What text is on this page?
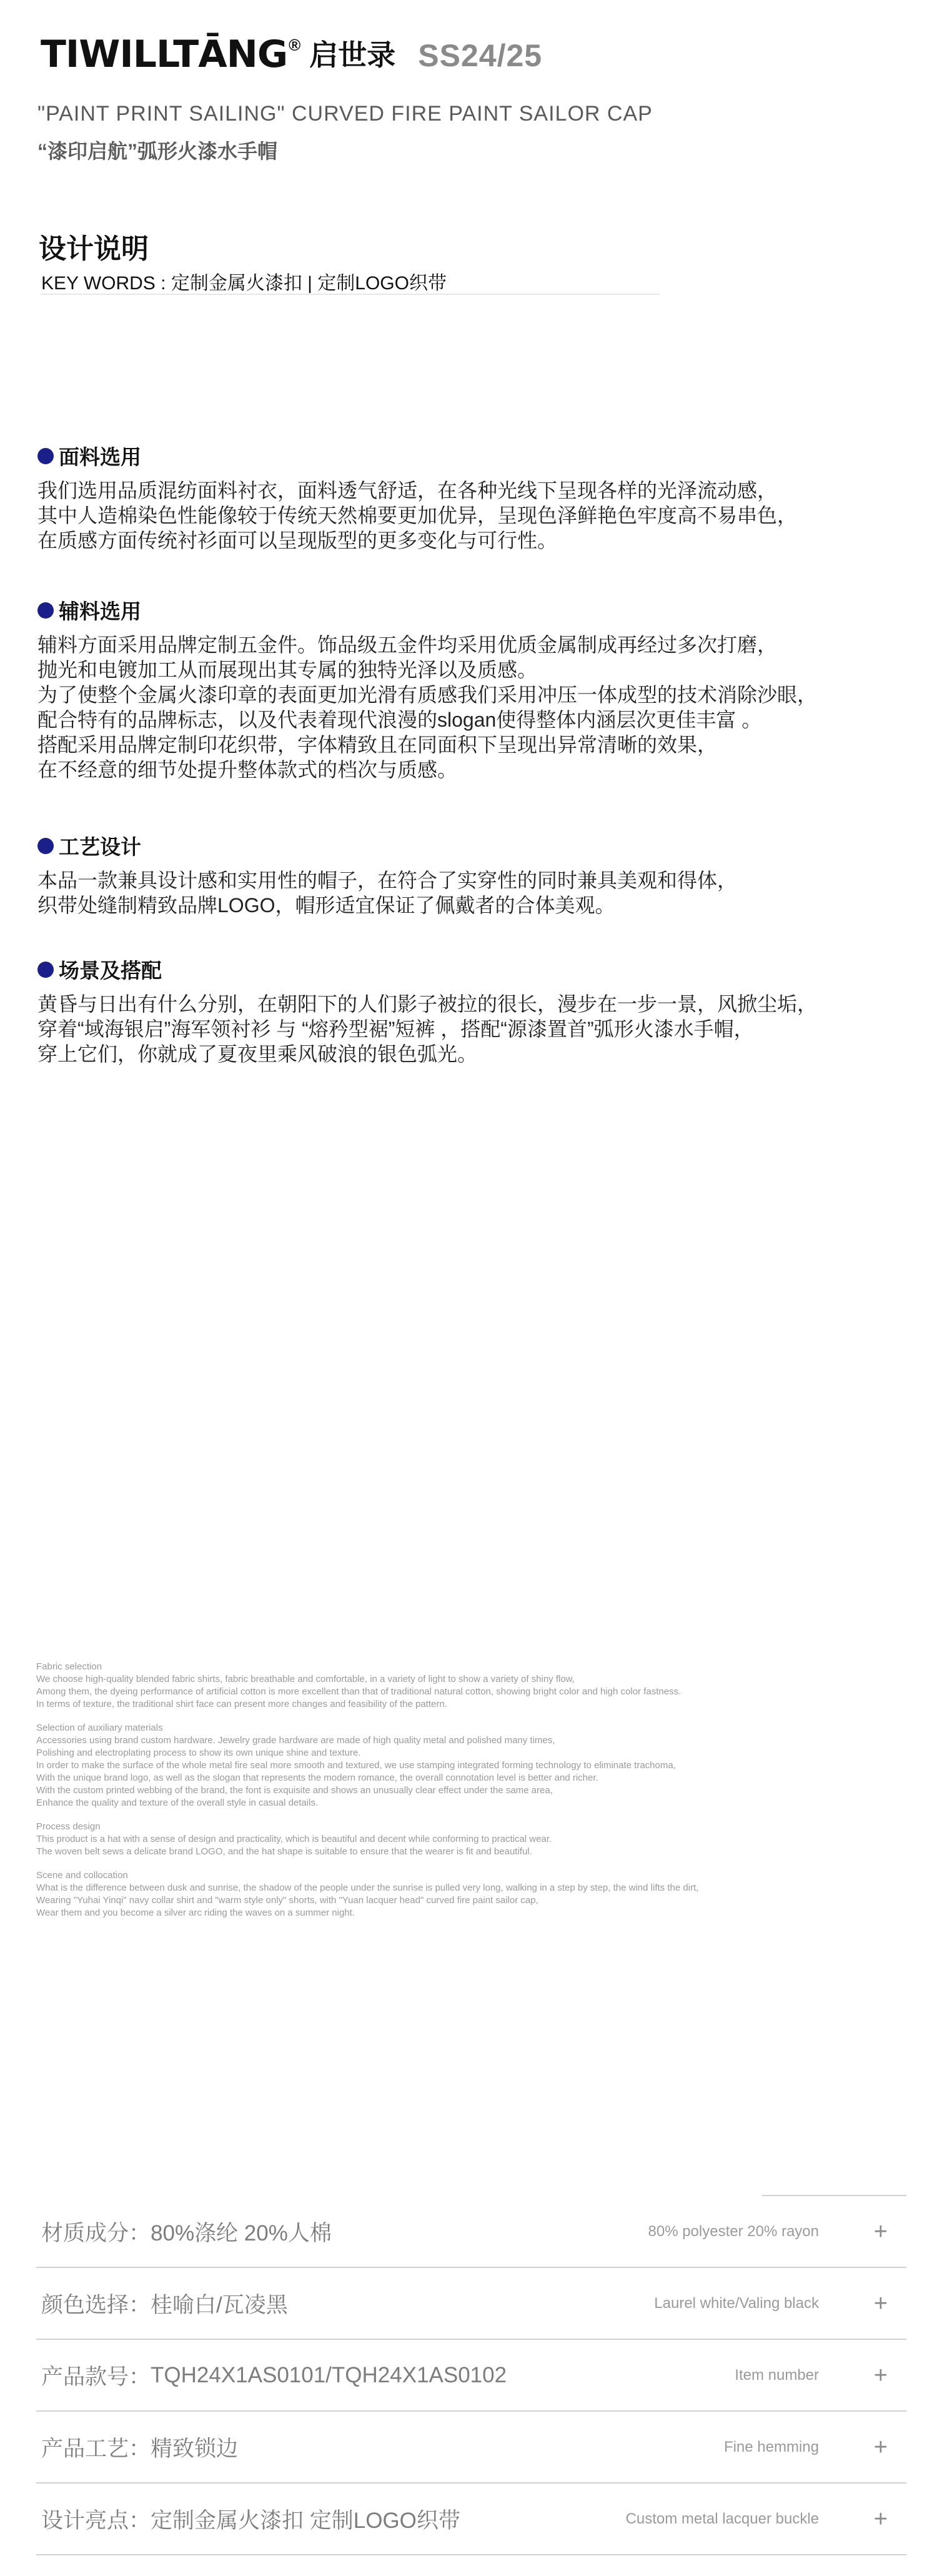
TIWILLTĀNG ® 启世录 SS24/25
"PAINT PRINT SAILING" CURVED FIRE PAINT SAILOR CAP
“漆印启航”弧形火漆水手帽
设计说明
KEY WORDS : 定制金属火漆扣 | 定制LOGO织带
面料选用
我们选用品质混纺面料衬衣，面料透气舒适，在各种光线下呈现各样的光泽流动感，
其中人造棉染色性能像较于传统天然棉要更加优异，呈现色泽鲜艳色牢度高不易串色，
在质感方面传统衬衫面可以呈现版型的更多变化与可行性。
辅料选用
辅料方面采用品牌定制五金件。饰品级五金件均采用优质金属制成再经过多次打磨，
抛光和电镀加工从而展现出其专属的独特光泽以及质感。
为了使整个金属火漆印章的表面更加光滑有质感我们采用冲压一体成型的技术消除沙眼，
配合特有的品牌标志，以及代表着现代浪漫的slogan使得整体内涵层次更佳丰富 。
搭配采用品牌定制印花织带，字体精致且在同面积下呈现出异常清晰的效果，
在不经意的细节处提升整体款式的档次与质感。
工艺设计
本品一款兼具设计感和实用性的帽子，在符合了实穿性的同时兼具美观和得体，
织带处缝制精致品牌LOGO，帽形适宜保证了佩戴者的合体美观。
场景及搭配
黄昏与日出有什么分别，在朝阳下的人们影子被拉的很长，漫步在一步一景，风掀尘垢，
穿着“域海银启”海军领衬衫 与 “熔矜型裾”短裤 ，搭配“源漆置首”弧形火漆水手帽，
穿上它们，你就成了夏夜里乘风破浪的银色弧光。
Fabric selection
We choose high-quality blended fabric shirts, fabric breathable and comfortable, in a variety of light to show a variety of shiny flow,
Among them, the dyeing performance of artificial cotton is more excellent than that of traditional natural cotton, showing bright color and high color fastness.
In terms of texture, the traditional shirt face can present more changes and feasibility of the pattern.
Selection of auxiliary materials
Accessories using brand custom hardware. Jewelry grade hardware are made of high quality metal and polished many times,
Polishing and electroplating process to show its own unique shine and texture.
In order to make the surface of the whole metal fire seal more smooth and textured, we use stamping integrated forming technology to eliminate trachoma,
With the unique brand logo, as well as the slogan that represents the modern romance, the overall connotation level is better and richer.
With the custom printed webbing of the brand, the font is exquisite and shows an unusually clear effect under the same area,
Enhance the quality and texture of the overall style in casual details.
Process design
This product is a hat with a sense of design and practicality, which is beautiful and decent while conforming to practical wear.
The woven belt sews a delicate brand LOGO, and the hat shape is suitable to ensure that the wearer is fit and beautiful.
Scene and collocation
What is the difference between dusk and sunrise, the shadow of the people under the sunrise is pulled very long, walking in a step by step, the wind lifts the dirt,
Wearing "Yuhai Yinqi" navy collar shirt and "warm style only" shorts, with "Yuan lacquer head" curved fire paint sailor cap,
Wear them and you become a silver arc riding the waves on a summer night.
材质成分： 80%涤纶 20%人棉	80% polyester 20% rayon +
颜色选择： 桂喻白/瓦凌黑	Laurel white/Valing black +
产品款号： TQH24X1AS0101/TQH24X1AS0102	Item number +
产品工艺： 精致锁边	Fine hemming +
设计亮点： 定制金属火漆扣 定制LOGO织带	Custom metal lacquer buckle +
